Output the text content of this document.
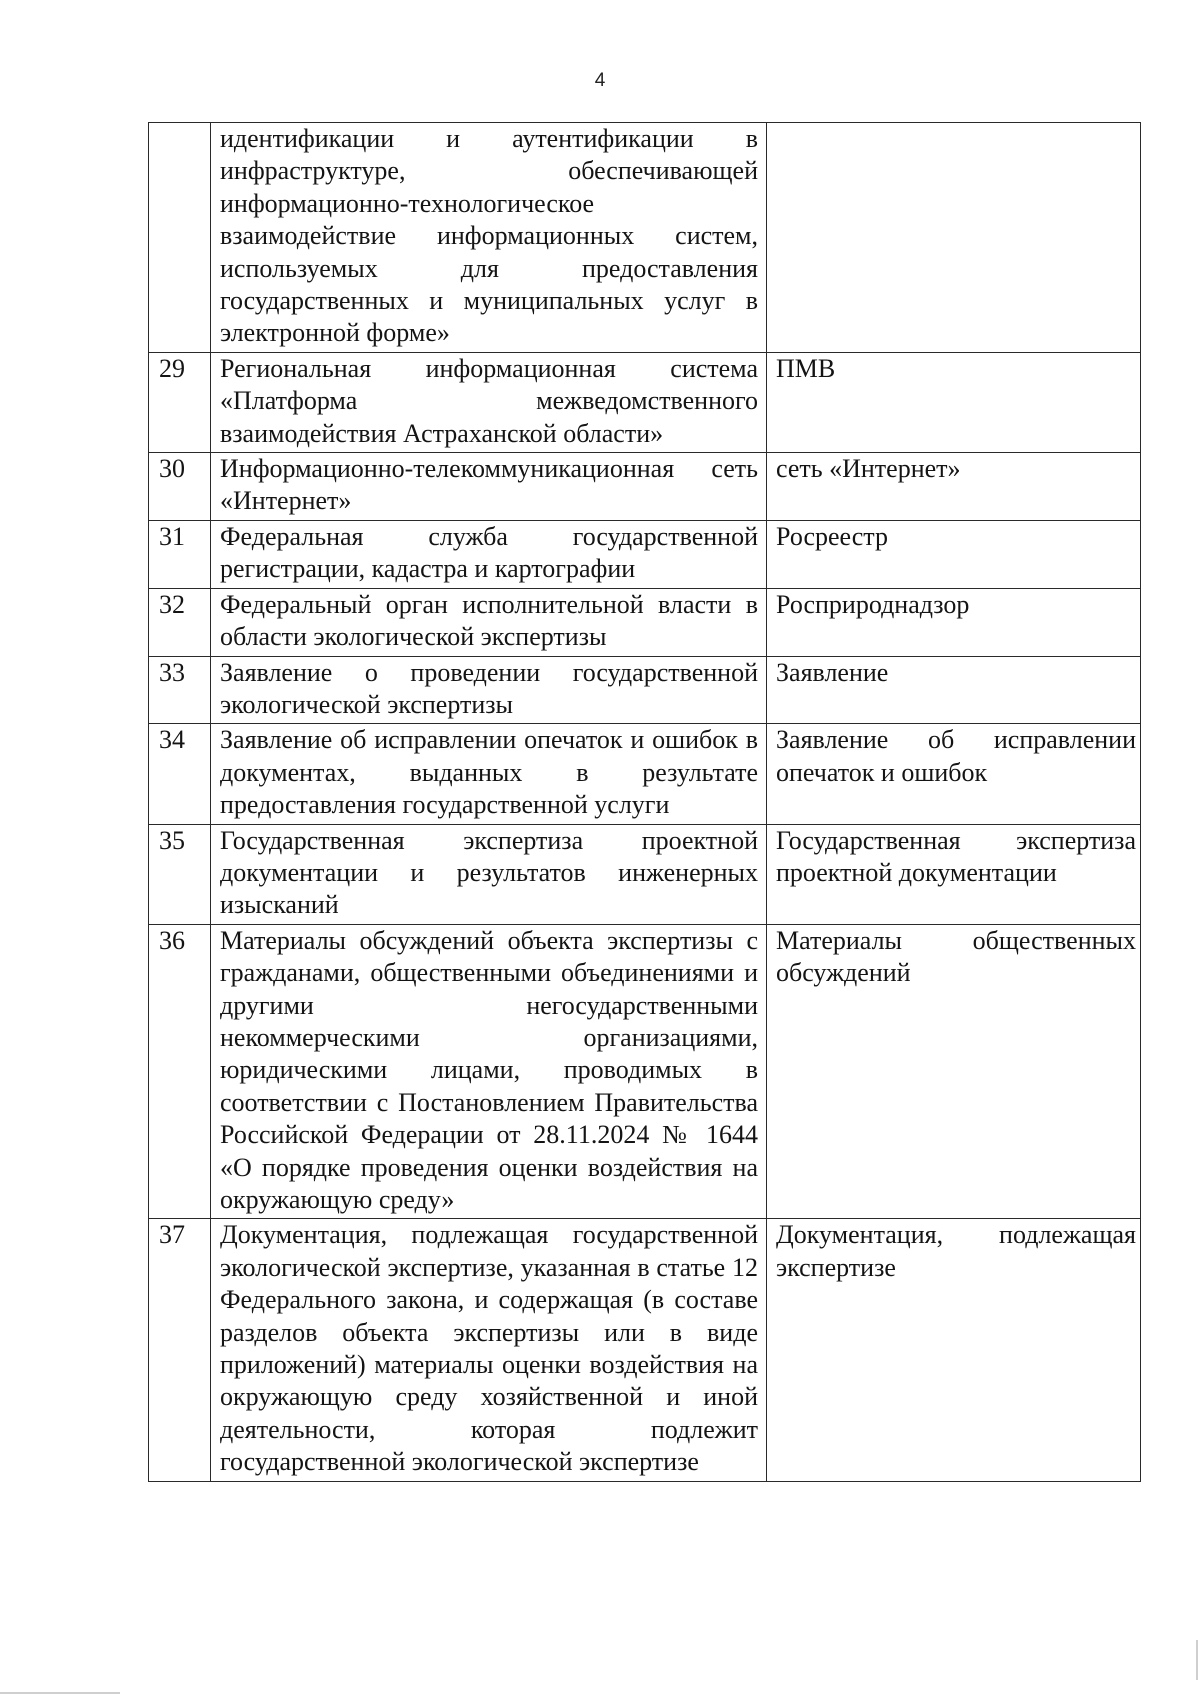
4
	идентификации и аутентификации в инфраструктуре, обеспечивающей информационно-технологическое взаимодействие информационных систем, используемых для предоставления государственных и муниципальных услуг в электронной форме»	
29	Региональная информационная система «Платформа межведомственного взаимодействия Астраханской области»	ПМВ
30	Информационно-телекоммуникационная сеть «Интернет»	сеть «Интернет»
31	Федеральная служба государственной регистрации, кадастра и картографии	Росреестр
32	Федеральный орган исполнительной власти в области экологической экспертизы	Росприроднадзор
33	Заявление о проведении государственной экологической экспертизы	Заявление
34	Заявление об исправлении опечаток и ошибок в документах, выданных в результате предоставления государственной услуги	Заявление об исправлении опечаток и ошибок
35	Государственная экспертиза проектной документации и результатов инженерных изысканий	Государственная экспертиза проектной документации
36	Материалы обсуждений объекта экспертизы с гражданами, общественными объединениями и другими негосударственными некоммерческими организациями, юридическими лицами, проводимых в соответствии с Постановлением Правительства Российской Федерации от 28.11.2024 № 1644 «О порядке проведения оценки воздействия на окружающую среду»	Материалы общественных обсуждений
37	Документация, подлежащая государственной экологической экспертизе, указанная в статье 12 Федерального закона, и содержащая (в составе разделов объекта экспертизы или в виде приложений) материалы оценки воздействия на окружающую среду хозяйственной и иной деятельности, которая подлежит государственной экологической экспертизе	Документация, подлежащая экспертизе
